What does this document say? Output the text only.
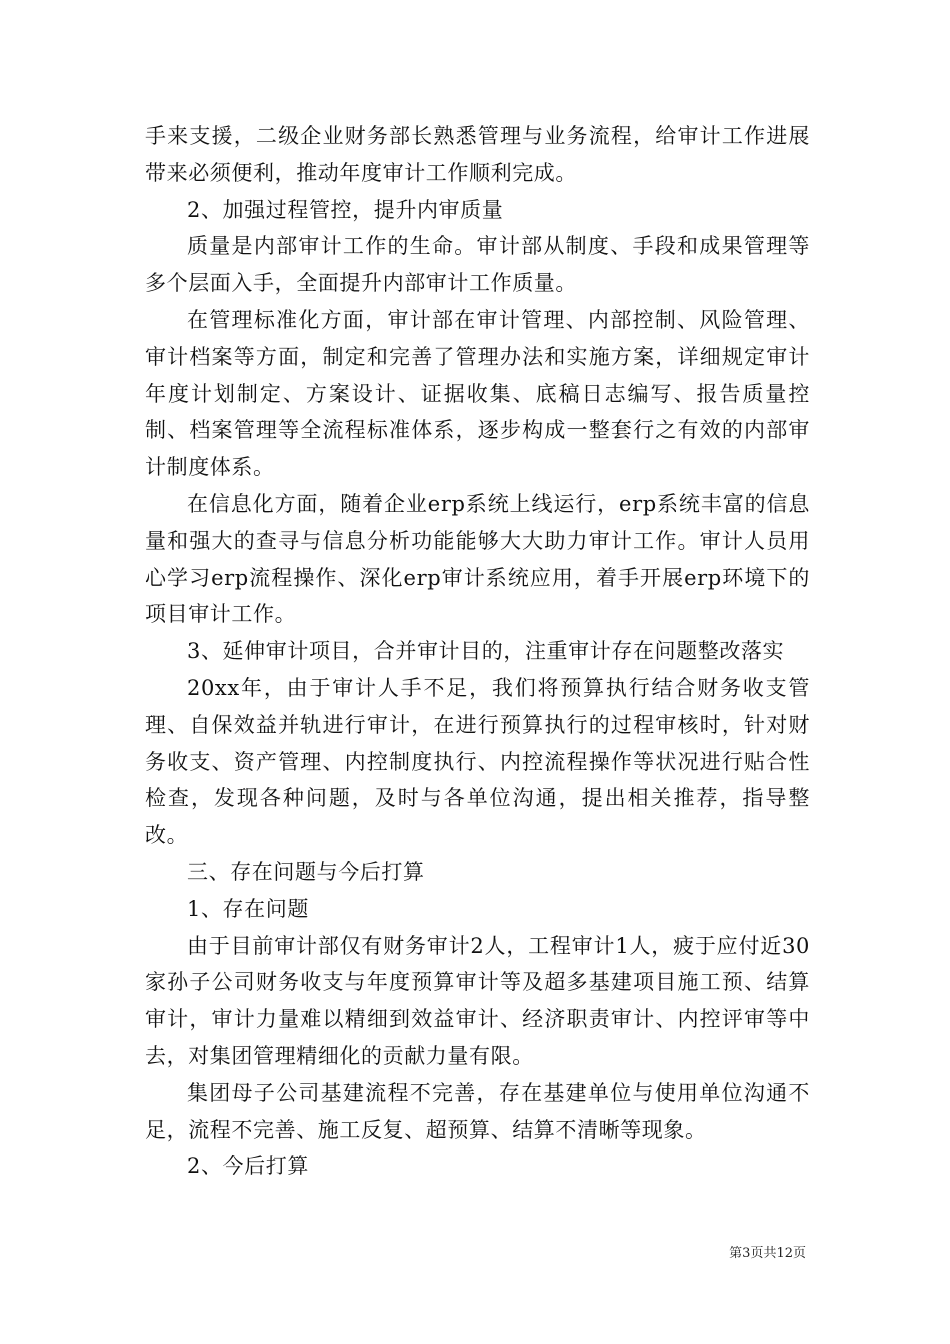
手来支援，二级企业财务部长熟悉管理与业务流程，给审计工作进展带来必须便利，推动年度审计工作顺利完成。

2、加强过程管控，提升内审质量

质量是内部审计工作的生命。审计部从制度、手段和成果管理等多个层面入手，全面提升内部审计工作质量。

在管理标准化方面，审计部在审计管理、内部控制、风险管理、审计档案等方面，制定和完善了管理办法和实施方案，详细规定审计年度计划制定、方案设计、证据收集、底稿日志编写、报告质量控制、档案管理等全流程标准体系，逐步构成一整套行之有效的内部审计制度体系。

在信息化方面，随着企业erp系统上线运行，erp系统丰富的信息量和强大的查寻与信息分析功能能够大大助力审计工作。审计人员用心学习erp流程操作、深化erp审计系统应用，着手开展erp环境下的项目审计工作。

3、延伸审计项目，合并审计目的，注重审计存在问题整改落实

20xx年，由于审计人手不足，我们将预算执行结合财务收支管理、自保效益并轨进行审计，在进行预算执行的过程审核时，针对财务收支、资产管理、内控制度执行、内控流程操作等状况进行贴合性检查，发现各种问题，及时与各单位沟通，提出相关推荐，指导整改。

三、存在问题与今后打算

1、存在问题

由于目前审计部仅有财务审计2人，工程审计1人，疲于应付近30家孙子公司财务收支与年度预算审计等及超多基建项目施工预、结算审计，审计力量难以精细到效益审计、经济职责审计、内控评审等中去，对集团管理精细化的贡献力量有限。

集团母子公司基建流程不完善，存在基建单位与使用单位沟通不足，流程不完善、施工反复、超预算、结算不清晰等现象。

2、今后打算

第3页共12页
